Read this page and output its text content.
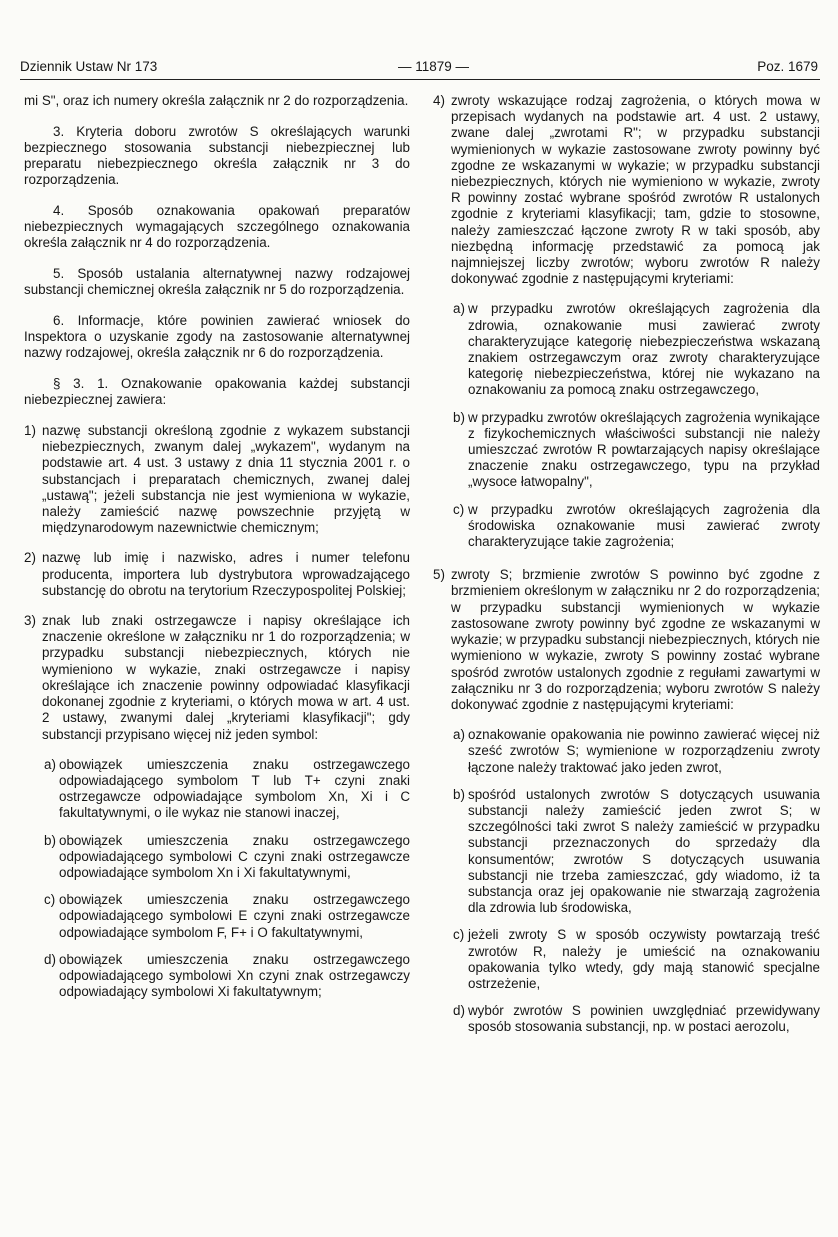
Dziennik Ustaw Nr 173	— 11879 —	Poz. 1679

mi S", oraz ich numery określa załącznik nr 2 do rozporządzenia.

3. Kryteria doboru zwrotów S określających warunki bezpiecznego stosowania substancji niebezpiecznej lub preparatu niebezpiecznego określa załącznik nr 3 do rozporządzenia.

4. Sposób oznakowania opakowań preparatów niebezpiecznych wymagających szczególnego oznakowania określa załącznik nr 4 do rozporządzenia.

5. Sposób ustalania alternatywnej nazwy rodzajowej substancji chemicznej określa załącznik nr 5 do rozporządzenia.

6. Informacje, które powinien zawierać wniosek do Inspektora o uzyskanie zgody na zastosowanie alternatywnej nazwy rodzajowej, określa załącznik nr 6 do rozporządzenia.

§ 3. 1. Oznakowanie opakowania każdej substancji niebezpiecznej zawiera:

1) nazwę substancji określoną zgodnie z wykazem substancji niebezpiecznych, zwanym dalej „wykazem", wydanym na podstawie art. 4 ust. 3 ustawy z dnia 11 stycznia 2001 r. o substancjach i preparatach chemicznych, zwanej dalej „ustawą"; jeżeli substancja nie jest wymieniona w wykazie, należy zamieścić nazwę powszechnie przyjętą w międzynarodowym nazewnictwie chemicznym;
2) nazwę lub imię i nazwisko, adres i numer telefonu producenta, importera lub dystrybutora wprowadzającego substancję do obrotu na terytorium Rzeczypospolitej Polskiej;
3) znak lub znaki ostrzegawcze i napisy określające ich znaczenie określone w załączniku nr 1 do rozporządzenia; w przypadku substancji niebezpiecznych, których nie wymieniono w wykazie, znaki ostrzegawcze i napisy określające ich znaczenie powinny odpowiadać klasyfikacji dokonanej zgodnie z kryteriami, o których mowa w art. 4 ust. 2 ustawy, zwanymi dalej „kryteriami klasyfikacji"; gdy substancji przypisano więcej niż jeden symbol:
a) obowiązek umieszczenia znaku ostrzegawczego odpowiadającego symbolom T lub T+ czyni znaki ostrzegawcze odpowiadające symbolom Xn, Xi i C fakultatywnymi, o ile wykaz nie stanowi inaczej,
b) obowiązek umieszczenia znaku ostrzegawczego odpowiadającego symbolowi C czyni znaki ostrzegawcze odpowiadające symbolom Xn i Xi fakultatywnymi,
c) obowiązek umieszczenia znaku ostrzegawczego odpowiadającego symbolowi E czyni znaki ostrzegawcze odpowiadające symbolom F, F+ i O fakultatywnymi,
d) obowiązek umieszczenia znaku ostrzegawczego odpowiadającego symbolowi Xn czyni znak ostrzegawczy odpowiadający symbolowi Xi fakultatywnym;
4) zwroty wskazujące rodzaj zagrożenia, o których mowa w przepisach wydanych na podstawie art. 4 ust. 2 ustawy, zwane dalej „zwrotami R"; w przypadku substancji wymienionych w wykazie zastosowane zwroty powinny być zgodne ze wskazanymi w wykazie; w przypadku substancji niebezpiecznych, których nie wymieniono w wykazie, zwroty R powinny zostać wybrane spośród zwrotów R ustalonych zgodnie z kryteriami klasyfikacji; tam, gdzie to stosowne, należy zamieszczać łączone zwroty R w taki sposób, aby niezbędną informację przedstawić za pomocą jak najmniejszej liczby zwrotów; wyboru zwrotów R należy dokonywać zgodnie z następującymi kryteriami:
a) w przypadku zwrotów określających zagrożenia dla zdrowia, oznakowanie musi zawierać zwroty charakteryzujące kategorię niebezpieczeństwa wskazaną znakiem ostrzegawczym oraz zwroty charakteryzujące kategorię niebezpieczeństwa, której nie wykazano na oznakowaniu za pomocą znaku ostrzegawczego,
b) w przypadku zwrotów określających zagrożenia wynikające z fizykochemicznych właściwości substancji nie należy umieszczać zwrotów R powtarzających napisy określające znaczenie znaku ostrzegawczego, typu na przykład „wysoce łatwopalny",
c) w przypadku zwrotów określających zagrożenia dla środowiska oznakowanie musi zawierać zwroty charakteryzujące takie zagrożenia;
5) zwroty S; brzmienie zwrotów S powinno być zgodne z brzmieniem określonym w załączniku nr 2 do rozporządzenia; w przypadku substancji wymienionych w wykazie zastosowane zwroty powinny być zgodne ze wskazanymi w wykazie; w przypadku substancji niebezpiecznych, których nie wymieniono w wykazie, zwroty S powinny zostać wybrane spośród zwrotów ustalonych zgodnie z regułami zawartymi w załączniku nr 3 do rozporządzenia; wyboru zwrotów S należy dokonywać zgodnie z następującymi kryteriami:
a) oznakowanie opakowania nie powinno zawierać więcej niż sześć zwrotów S; wymienione w rozporządzeniu zwroty łączone należy traktować jako jeden zwrot,
b) spośród ustalonych zwrotów S dotyczących usuwania substancji należy zamieścić jeden zwrot S; w szczególności taki zwrot S należy zamieścić w przypadku substancji przeznaczonych do sprzedaży dla konsumentów; zwrotów S dotyczących usuwania substancji nie trzeba zamieszczać, gdy wiadomo, iż ta substancja oraz jej opakowanie nie stwarzają zagrożenia dla zdrowia lub środowiska,
c) jeżeli zwroty S w sposób oczywisty powtarzają treść zwrotów R, należy je umieścić na oznakowaniu opakowania tylko wtedy, gdy mają stanowić specjalne ostrzeżenie,
d) wybór zwrotów S powinien uwzględniać przewidywany sposób stosowania substancji, np. w postaci aerozolu,
